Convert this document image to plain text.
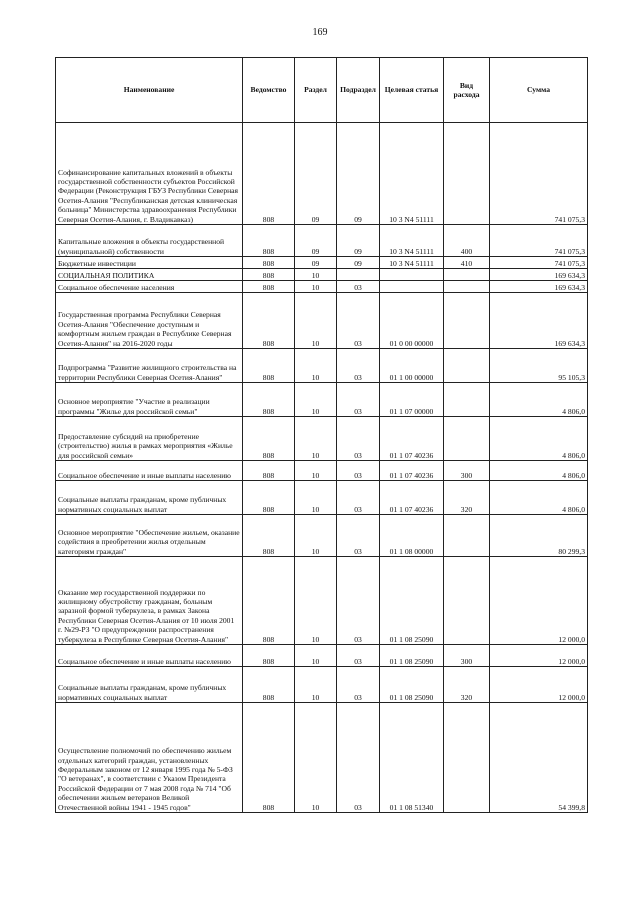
169
Наименование	Ведомство	Раздел	Подраздел	Целевая статья	Вид расхода	Сумма
Софинансирование капитальных вложений в объекты государственной собственности субъектов Российской Федерации (Реконструкция ГБУЗ Республики Северная Осетия-Алания "Республиканская детская клиническая больница" Министерства здравоохранения Республики Северная Осетия-Алания, г. Владикавказ)	808	09	09	10 3 N4 51111		741 075,3
Капитальные вложения в объекты государственной (муниципальной) собственности	808	09	09	10 3 N4 51111	400	741 075,3
Бюджетные инвестиции	808	09	09	10 3 N4 51111	410	741 075,3
СОЦИАЛЬНАЯ ПОЛИТИКА	808	10				169 634,3
Социальное обеспечение населения	808	10	03			169 634,3
Государственная программа Республики Северная Осетия-Алания "Обеспечение доступным и комфортным жильем граждан в Республике Северная Осетия-Алания" на 2016-2020 годы	808	10	03	01 0 00 00000		169 634,3
Подпрограмма "Развитие жилищного строительства на территории Республики Северная Осетия-Алания"	808	10	03	01 1 00 00000		95 105,3
Основное мероприятие "Участие в реализации программы "Жилье для российской семьи"	808	10	03	01 1 07 00000		4 806,0
Предоставление субсидий на приобретение (строительство) жилья в рамках мероприятия «Жилье для российской семьи»	808	10	03	01 1 07 40236		4 806,0
Социальное обеспечение и иные выплаты населению	808	10	03	01 1 07 40236	300	4 806,0
Социальные выплаты гражданам, кроме публичных нормативных социальных выплат	808	10	03	01 1 07 40236	320	4 806,0
Основное мероприятие "Обеспечение жильем, оказание содействия в преобретении жилья отдельным категориям граждан"	808	10	03	01 1 08 00000		80 299,3
Оказание мер государственной поддержки по жилищному обустройству гражданам, больным заразной формой туберкулеза, в рамках Закона Республики Северная Осетия-Алания от 10 июля 2001 г. №29-РЗ "О предупреждении распространения туберкулеза в Республике Северная Осетия-Алания"	808	10	03	01 1 08 25090		12 000,0
Социальное обеспечение и иные выплаты населению	808	10	03	01 1 08 25090	300	12 000,0
Социальные выплаты гражданам, кроме публичных нормативных социальных выплат	808	10	03	01 1 08 25090	320	12 000,0
Осуществление полномочий по обеспечению жильем отдельных категорий граждан, установленных Федеральным законом от 12 января 1995 года № 5-ФЗ "О ветеранах", в соответствии с Указом Президента Российской Федерации от 7 мая 2008 года № 714 "Об обеспечении жильем ветеранов Великой Отечественной войны 1941 - 1945 годов"	808	10	03	01 1 08 51340		54 399,8
